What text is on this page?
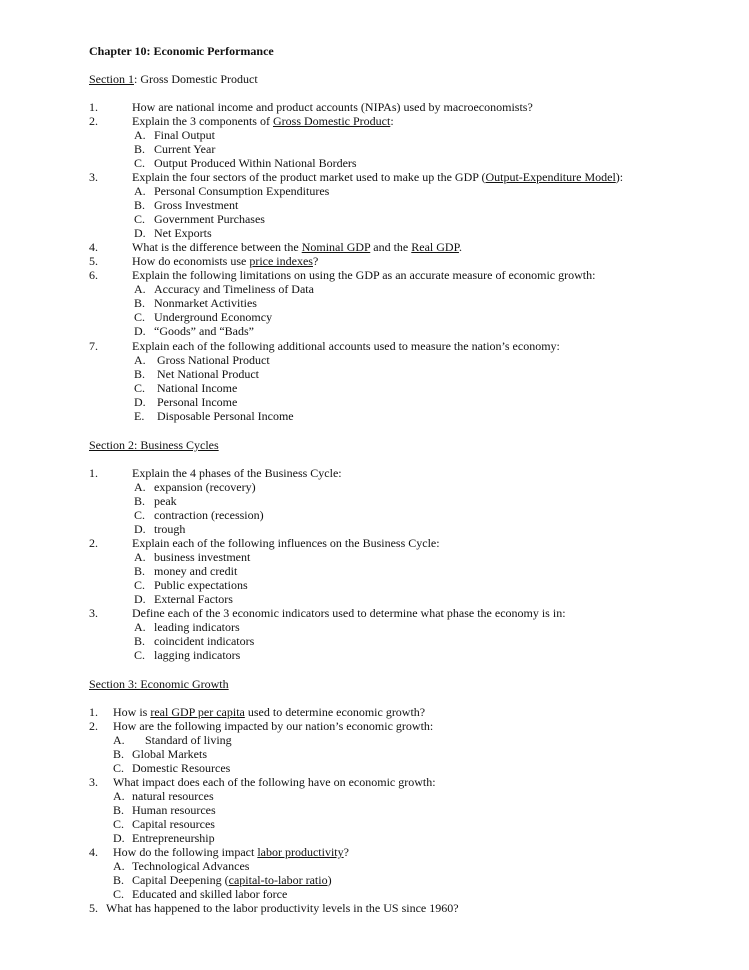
Chapter 10: Economic Performance
Section 1: Gross Domestic Product
1.	How are national income and product accounts (NIPAs) used by macroeconomists?
2.	Explain the 3 components of Gross Domestic Product:
A. Final Output
B. Current Year
C. Output Produced Within National Borders
3.	Explain the four sectors of the product market used to make up the GDP (Output-Expenditure Model):
A. Personal Consumption Expenditures
B. Gross Investment
C. Government Purchases
D. Net Exports
4.	What is the difference between the Nominal GDP and the Real GDP.
5.	How do economists use price indexes?
6.	Explain the following limitations on using the GDP as an accurate measure of economic growth:
A. Accuracy and Timeliness of Data
B. Nonmarket Activities
C. Underground Economcy
D. “Goods” and “Bads”
7.	Explain each of the following additional accounts used to measure the nation’s economy:
A. Gross National Product
B. Net National Product
C. National Income
D. Personal Income
E. Disposable Personal Income
Section 2: Business Cycles
1.	Explain the 4 phases of the Business Cycle:
A. expansion (recovery)
B. peak
C. contraction (recession)
D. trough
2.	Explain each of the following influences on the Business Cycle:
A. business investment
B. money and credit
C. Public expectations
D. External Factors
3.	Define each of the 3 economic indicators used to determine what phase the economy is in:
A. leading indicators
B. coincident indicators
C. lagging indicators
Section 3: Economic Growth
1. How is real GDP per capita used to determine economic growth?
2. How are the following impacted by our nation’s economic growth:
A. Standard of living
B. Global Markets
C. Domestic Resources
3. What impact does each of the following have on economic growth:
A. natural resources
B. Human resources
C. Capital resources
D. Entrepreneurship
4. How do the following impact labor productivity?
A. Technological Advances
B. Capital Deepening (capital-to-labor ratio)
C. Educated and skilled labor force
5. What has happened to the labor productivity levels in the US since 1960?
